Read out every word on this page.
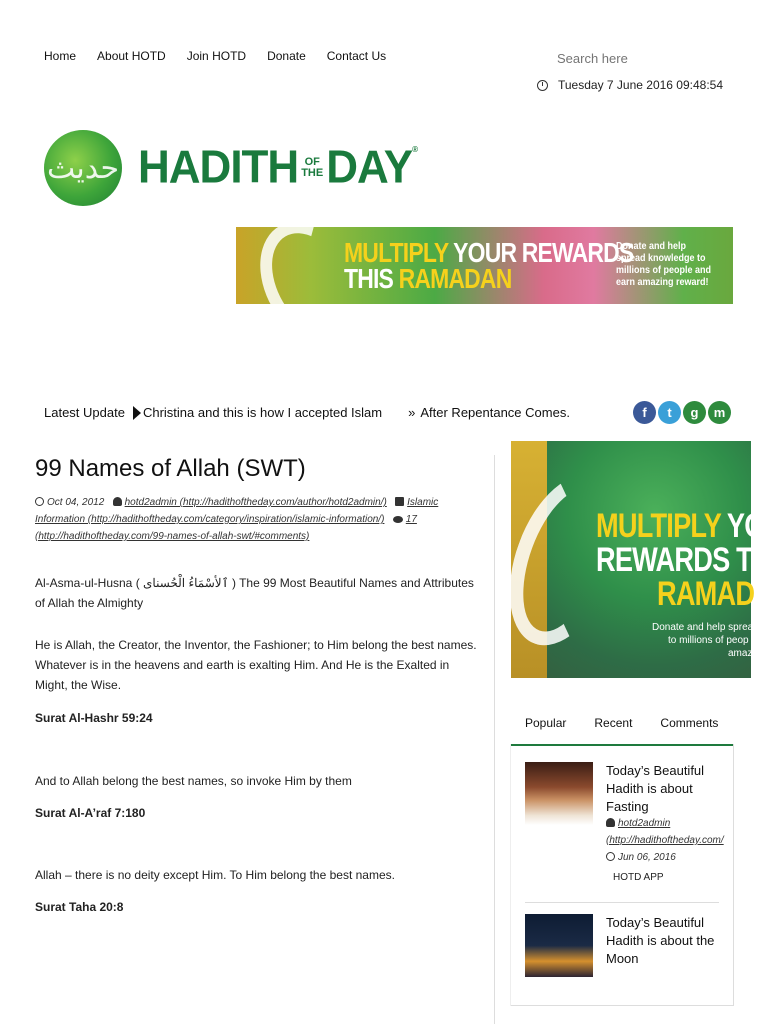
Home About HOTD Join HOTD Donate Contact Us
Search here
Tuesday 7 June 2016 09:48:54
حديث HADITH OF
THE DAY ®
MULTIPLY YOUR REWARDS
THIS RAMADAN
Donate and help spread knowledge to millions of people and earn amazing reward!
Latest Update Christina and this is how I accepted Islam » After Repentance Comes.	f	t	g	m
99 Names of Allah (SWT)
Oct 04, 2012 hotd2admin (http://hadithoftheday.com/author/hotd2admin/) Islamic Information (http://hadithoftheday.com/category/inspiration/islamic-information/) 17 (http://hadithoftheday.com/99-names-of-allah-swt/#comments)

Al-Asma-ul-Husna ( ٱلأسْمَاءُ الْحُسناى ) The 99 Most Beautiful Names and Attributes of Allah the Almighty

He is Allah, the Creator, the Inventor, the Fashioner; to Him belong the best names. Whatever is in the heavens and earth is exalting Him. And He is the Exalted in Might, the Wise.

Surat Al-Hashr 59:24

And to Allah belong the best names, so invoke Him by them

Surat Al-A’raf 7:180

Allah – there is no deity except Him. To Him belong the best names.

Surat Taha 20:8

MULTIPLY YO
REWARDS T
RAMAD
Donate and help spread
to millions of peop
amaz
Popular	Recent	Comments
Today’s Beautiful Hadith is about Fasting
hotd2admin
(http://hadithoftheday.com/
Jun 06, 2016
HOTD APP
Today’s Beautiful Hadith is about the Moon
